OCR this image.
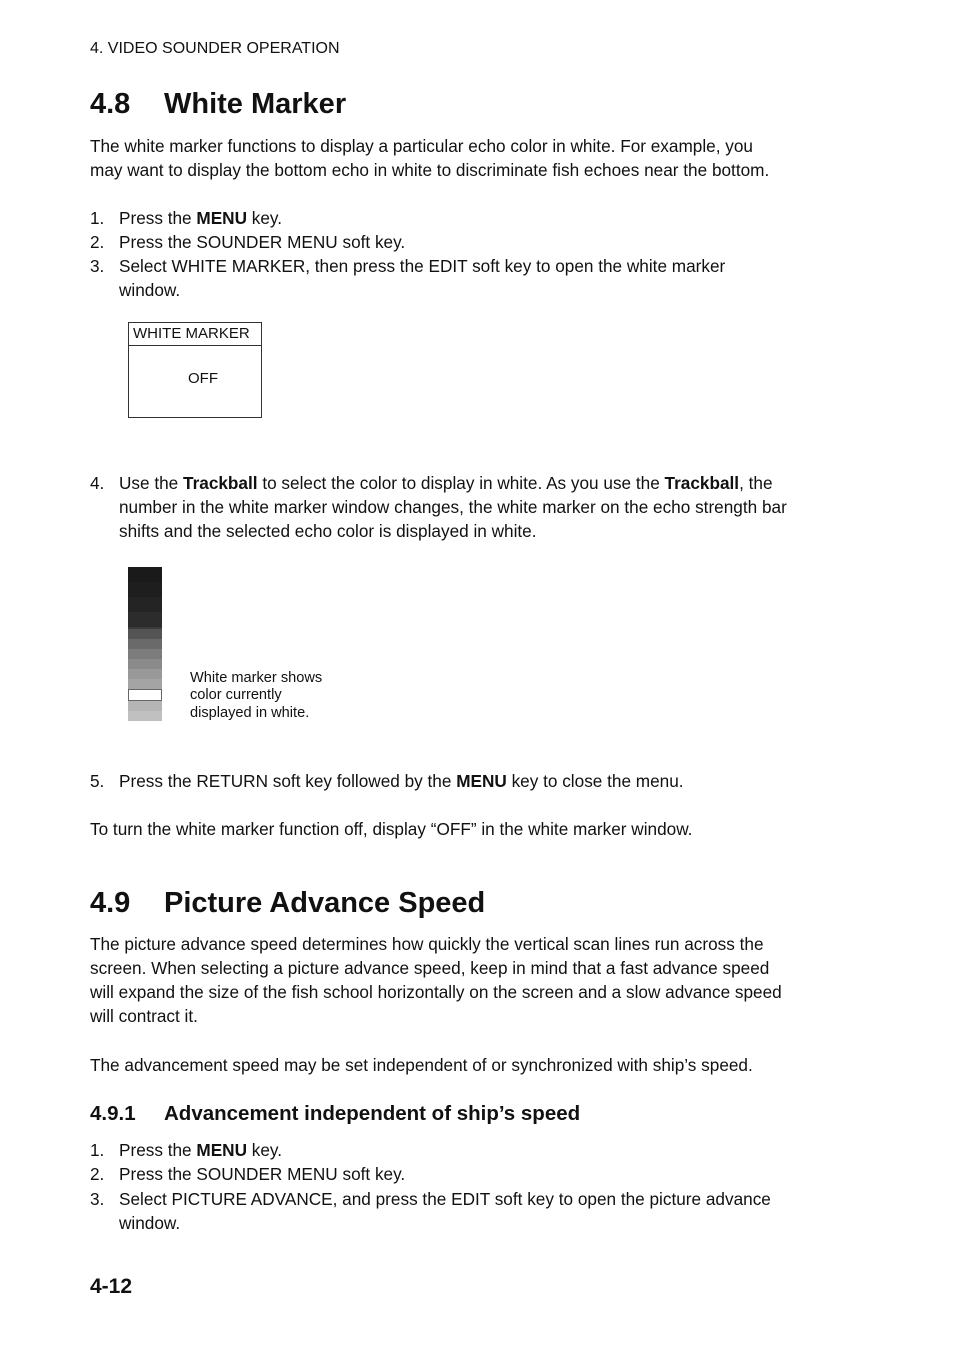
4. VIDEO SOUNDER OPERATION
4.8 White Marker
The white marker functions to display a particular echo color in white. For example, you
may want to display the bottom echo in white to discriminate fish echoes near the bottom.
1. Press the MENU key.
2. Press the SOUNDER MENU soft key.
3. Select WHITE MARKER, then press the EDIT soft key to open the white marker
window.
WHITE MARKER
OFF
4. Use the Trackball to select the color to display in white. As you use the Trackball, the
number in the white marker window changes, the white marker on the echo strength bar
shifts and the selected echo color is displayed in white.
White marker shows
color currently
displayed in white.
5. Press the RETURN soft key followed by the MENU key to close the menu.
To turn the white marker function off, display “OFF” in the white marker window.
4.9 Picture Advance Speed
The picture advance speed determines how quickly the vertical scan lines run across the
screen. When selecting a picture advance speed, keep in mind that a fast advance speed
will expand the size of the fish school horizontally on the screen and a slow advance speed
will contract it.
The advancement speed may be set independent of or synchronized with ship’s speed.
4.9.1 Advancement independent of ship’s speed
1. Press the MENU key.
2. Press the SOUNDER MENU soft key.
3. Select PICTURE ADVANCE, and press the EDIT soft key to open the picture advance
window.
4-12
